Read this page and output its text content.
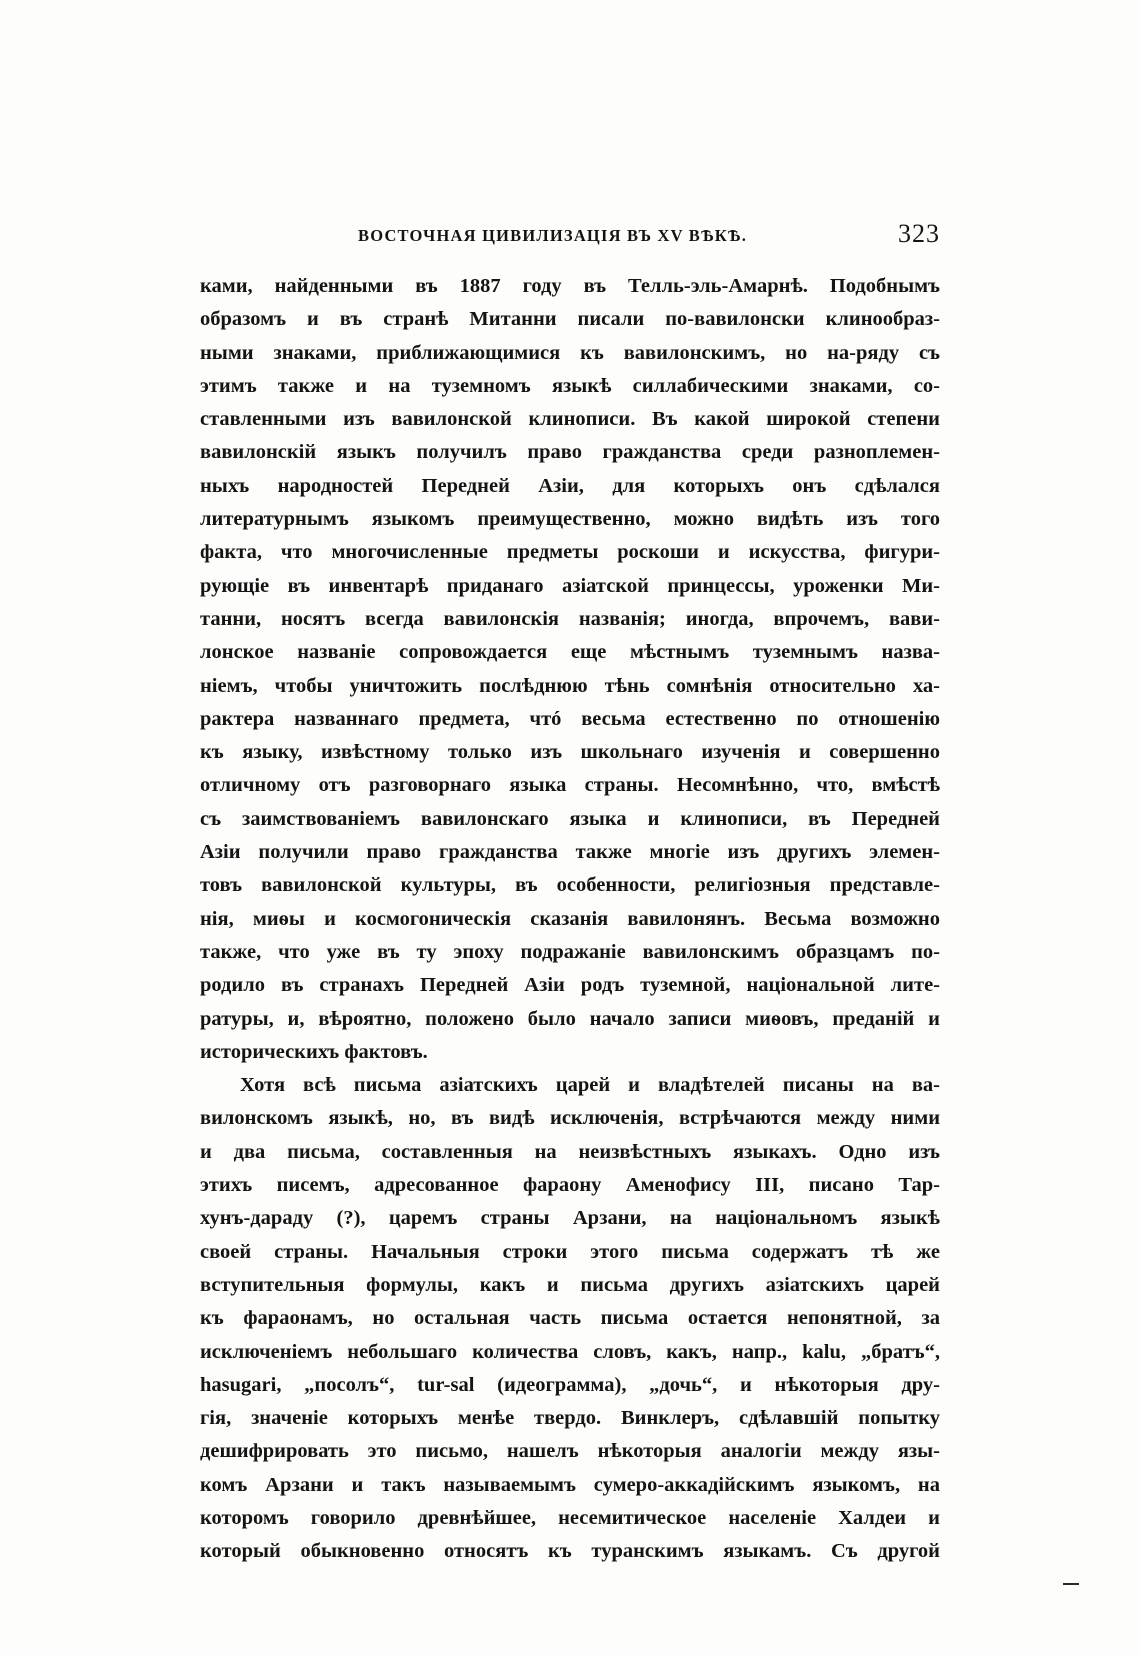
ВОСТОЧНАЯ ЦИВИЛИЗАЦІЯ ВЪ XV ВѢКѢ.	323
ками, найденными въ 1887 году въ Телль-эль-Амарнѣ. Подобнымъ
образомъ и въ странѣ Митанни писали по-вавилонски клинообраз-
ными знаками, приближающимися къ вавилонскимъ, но на-ряду съ
этимъ также и на туземномъ языкѣ силлабическими знаками, со-
ставленными изъ вавилонской клинописи. Въ какой широкой степени
вавилонскій языкъ получилъ право гражданства среди разноплемен-
ныхъ народностей Передней Азіи, для которыхъ онъ сдѣлался
литературнымъ языкомъ преимущественно, можно видѣть изъ того
факта, что многочисленные предметы роскоши и искусства, фигури-
рующіе въ инвентарѣ приданаго азіатской принцессы, уроженки Ми-
танни, носятъ всегда вавилонскія названія; иногда, впрочемъ, вави-
лонское названіе сопровождается еще мѣстнымъ туземнымъ назва-
ніемъ, чтобы уничтожить послѣднюю тѣнь сомнѣнія относительно ха-
рактера названнаго предмета, чтó весьма естественно по отношенію
къ языку, извѣстному только изъ школьнаго изученія и совершенно
отличному отъ разговорнаго языка страны. Несомнѣнно, что, вмѣстѣ
съ заимствованіемъ вавилонскаго языка и клинописи, въ Передней
Азіи получили право гражданства также многіе изъ другихъ элемен-
товъ вавилонской культуры, въ особенности, религіозныя представле-
нія, миѳы и космогоническія сказанія вавилонянъ. Весьма возможно
также, что уже въ ту эпоху подражаніе вавилонскимъ образцамъ по-
родило въ странахъ Передней Азіи родъ туземной, національной лите-
ратуры, и, вѣроятно, положено было начало записи миѳовъ, преданій и
историческихъ фактовъ.
Хотя всѣ письма азіатскихъ царей и владѣтелей писаны на ва-
вилонскомъ языкѣ, но, въ видѣ исключенія, встрѣчаются между ними
и два письма, составленныя на неизвѣстныхъ языкахъ. Одно изъ
этихъ писемъ, адресованное фараону Аменофису III, писано Тар-
хунъ-дараду (?), царемъ страны Арзани, на національномъ языкѣ
своей страны. Начальныя строки этого письма содержатъ тѣ же
вступительныя формулы, какъ и письма другихъ азіатскихъ царей
къ фараонамъ, но остальная часть письма остается непонятной, за
исключеніемъ небольшаго количества словъ, какъ, напр., kalu, „братъ“,
hasugari, „посолъ“, tur-sal (идеограмма), „дочь“, и нѣкоторыя дру-
гія, значеніе которыхъ менѣе твердо. Винклеръ, сдѣлавшій попытку
дешифрировать это письмо, нашелъ нѣкоторыя аналогіи между язы-
комъ Арзани и такъ называемымъ сумеро-аккадійскимъ языкомъ, на
которомъ говорило древнѣйшее, несемитическое населеніе Халдеи и
который обыкновенно относятъ къ туранскимъ языкамъ. Съ другой
